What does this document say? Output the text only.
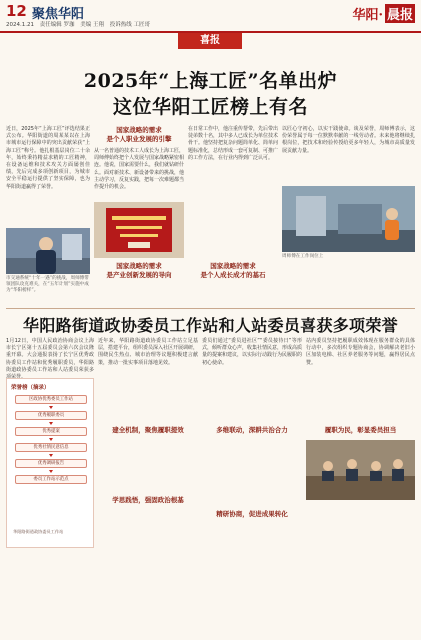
12 聚焦华阳
2024.1.21 责任编辑 罗珈 美编 王翔 投诉热线 工匠哥
华阳· 晨报
喜报
2025年“上海工匠”名单出炉
这位华阳工匠榜上有名
近日，2025年“上海工匠”评选结果正式公布。华阳街道的周某某以在上海市城市运行保障中的突出贡献荣获“上海工匠”称号。他扎根基层岗位二十余年，始终秉持精益求精的工匠精神，在设备运维和技术攻关方面屡创佳绩，先后完成多项创新项目，为城市安全平稳运行提供了坚实保障，也为华阳街道赢得了荣誉。
市交通系统“十年一遇”的挑战，周师傅带领团队攻克难关，在“五年计划”实施中成为“华阳榜样”。
国家战略的需求
是个人职业发展的引擎
从一名普通的技术工人成长为上海工匠，周师傅始终把个人发展与国家战略紧密相连。他说，国家需要什么，我们就钻研什么。面对新技术、新设备带来的挑战，他主动学习，反复实践，把每一次难题都当作提升的机会。
国家战略的需求
是产业创新发展的导向
在日常工作中，他注重传帮带，先后带出徒弟数十名，其中多人已成长为单位技术骨干。他坚持把复杂问题简单化、简单问题标准化，总结形成一套可复制、可推广的工作方法，在行业内得到广泛认可。
国家战略的需求
是个人成长成才的基石
以匠心守初心，以实干践使命。谈及荣誉，周师傅表示，这份荣誉属于每一位默默奉献的一线劳动者。未来他将继续扎根岗位，把技术和经验传授给更多年轻人，为城市高质量发展贡献力量。
周师傅在工作岗位上
华阳路街道政协委员工作站和人站委员喜获多项荣誉
1月12日，中国人民政治协商会议上海市长宁区第十五届委员会第六次会议隆重开幕。大会通报表扬了长宁区优秀政协委员工作站和优秀履职委员，华阳路街道政协委员工作站和人站委员荣获多
荣誉榜（摘录）
区政协优秀委员工作站
优秀履职委员
优秀提案
优秀社情民意信息
优秀调研报告
委员工作站示范点
华阳路街道政协委员工作站
近年来，华阳路街道政协委员工作站立足基层，搭建平台，组织委员深入社区开展调研，围绕民生热点、城市治理等议题积极建言献策，推动一批实事项目落地见效。
建全机制，聚焦履职提效
学思践悟，强固政治根基
委员们通过“委员进社区”“委员接待日”等形式，倾听群众心声，收集社情民意，形成高质量的提案和建议，以实际行动践行为民履职的初心使命。
多维联动，深耕共治合力
精研协商，促进成果转化
站内委员坚持把履职成效体现在服务群众的具体行动中，多次组织专题协商会，协调解决老旧小区加装电梯、社区养老服务等问题，赢得居民点赞。
履职为民，彰显委员担当
